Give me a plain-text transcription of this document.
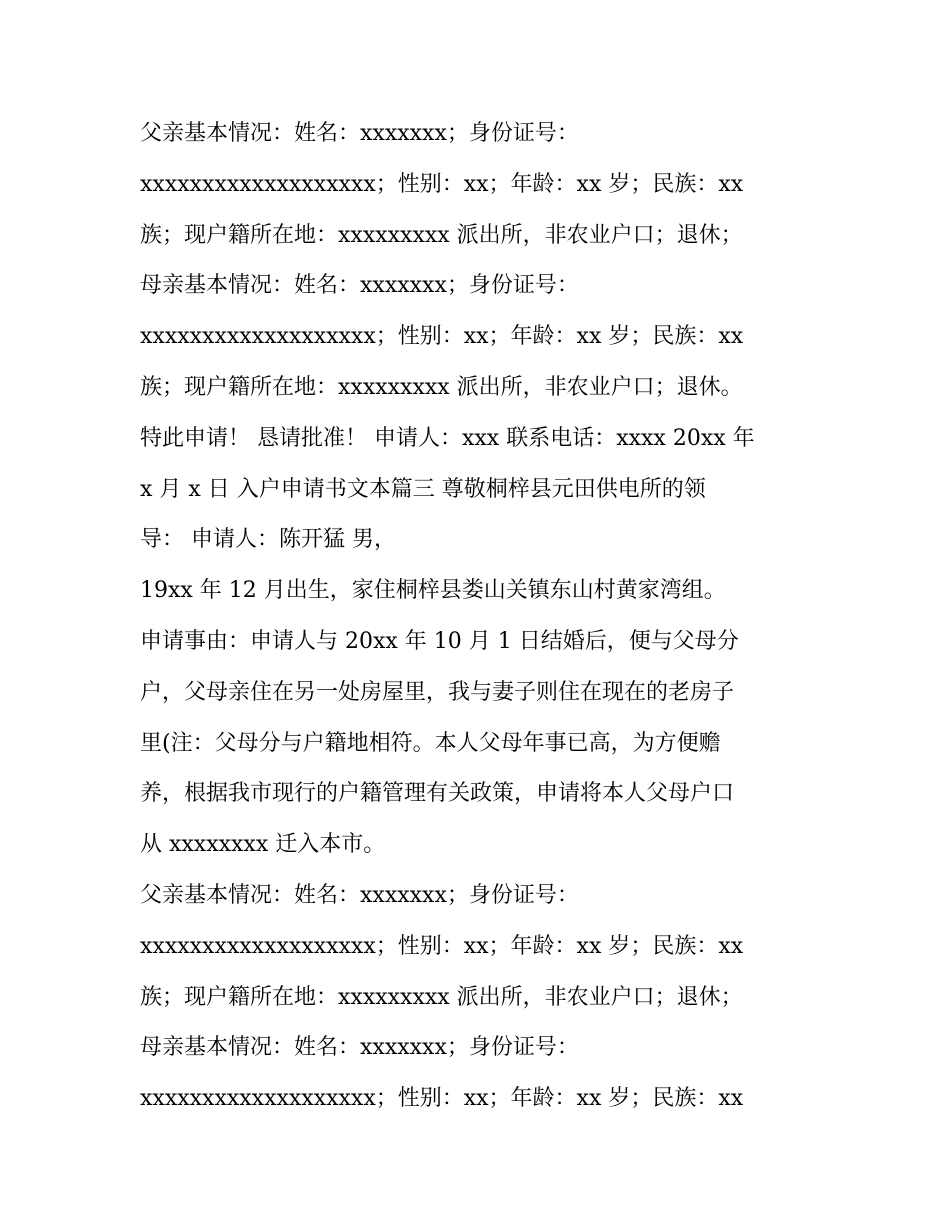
父亲基本情况：姓名：xxxxxxx；身份证号：
xxxxxxxxxxxxxxxxxxx；性别：xx；年龄：xx 岁；民族：xx
族；现户籍所在地：xxxxxxxxx 派出所，非农业户口；退休；
母亲基本情况：姓名：xxxxxxx；身份证号：
xxxxxxxxxxxxxxxxxxx；性别：xx；年龄：xx 岁；民族：xx
族；现户籍所在地：xxxxxxxxx 派出所，非农业户口；退休。
特此申请！ 恳请批准！ 申请人：xxx 联系电话：xxxx 20xx 年
x 月 x 日 入户申请书文本篇三 尊敬桐梓县元田供电所的领
导： 申请人：陈开猛 男，
19xx 年 12 月出生，家住桐梓县娄山关镇东山村黄家湾组。
申请事由：申请人与 20xx 年 10 月 1 日结婚后，便与父母分
户，父母亲住在另一处房屋里，我与妻子则住在现在的老房子
里(注：父母分与户籍地相符。本人父母年事已高，为方便赡
养，根据我市现行的户籍管理有关政策，申请将本人父母户口
从 xxxxxxxx 迁入本市。
父亲基本情况：姓名：xxxxxxx；身份证号：
xxxxxxxxxxxxxxxxxxx；性别：xx；年龄：xx 岁；民族：xx
族；现户籍所在地：xxxxxxxxx 派出所，非农业户口；退休；
母亲基本情况：姓名：xxxxxxx；身份证号：
xxxxxxxxxxxxxxxxxxx；性别：xx；年龄：xx 岁；民族：xx
